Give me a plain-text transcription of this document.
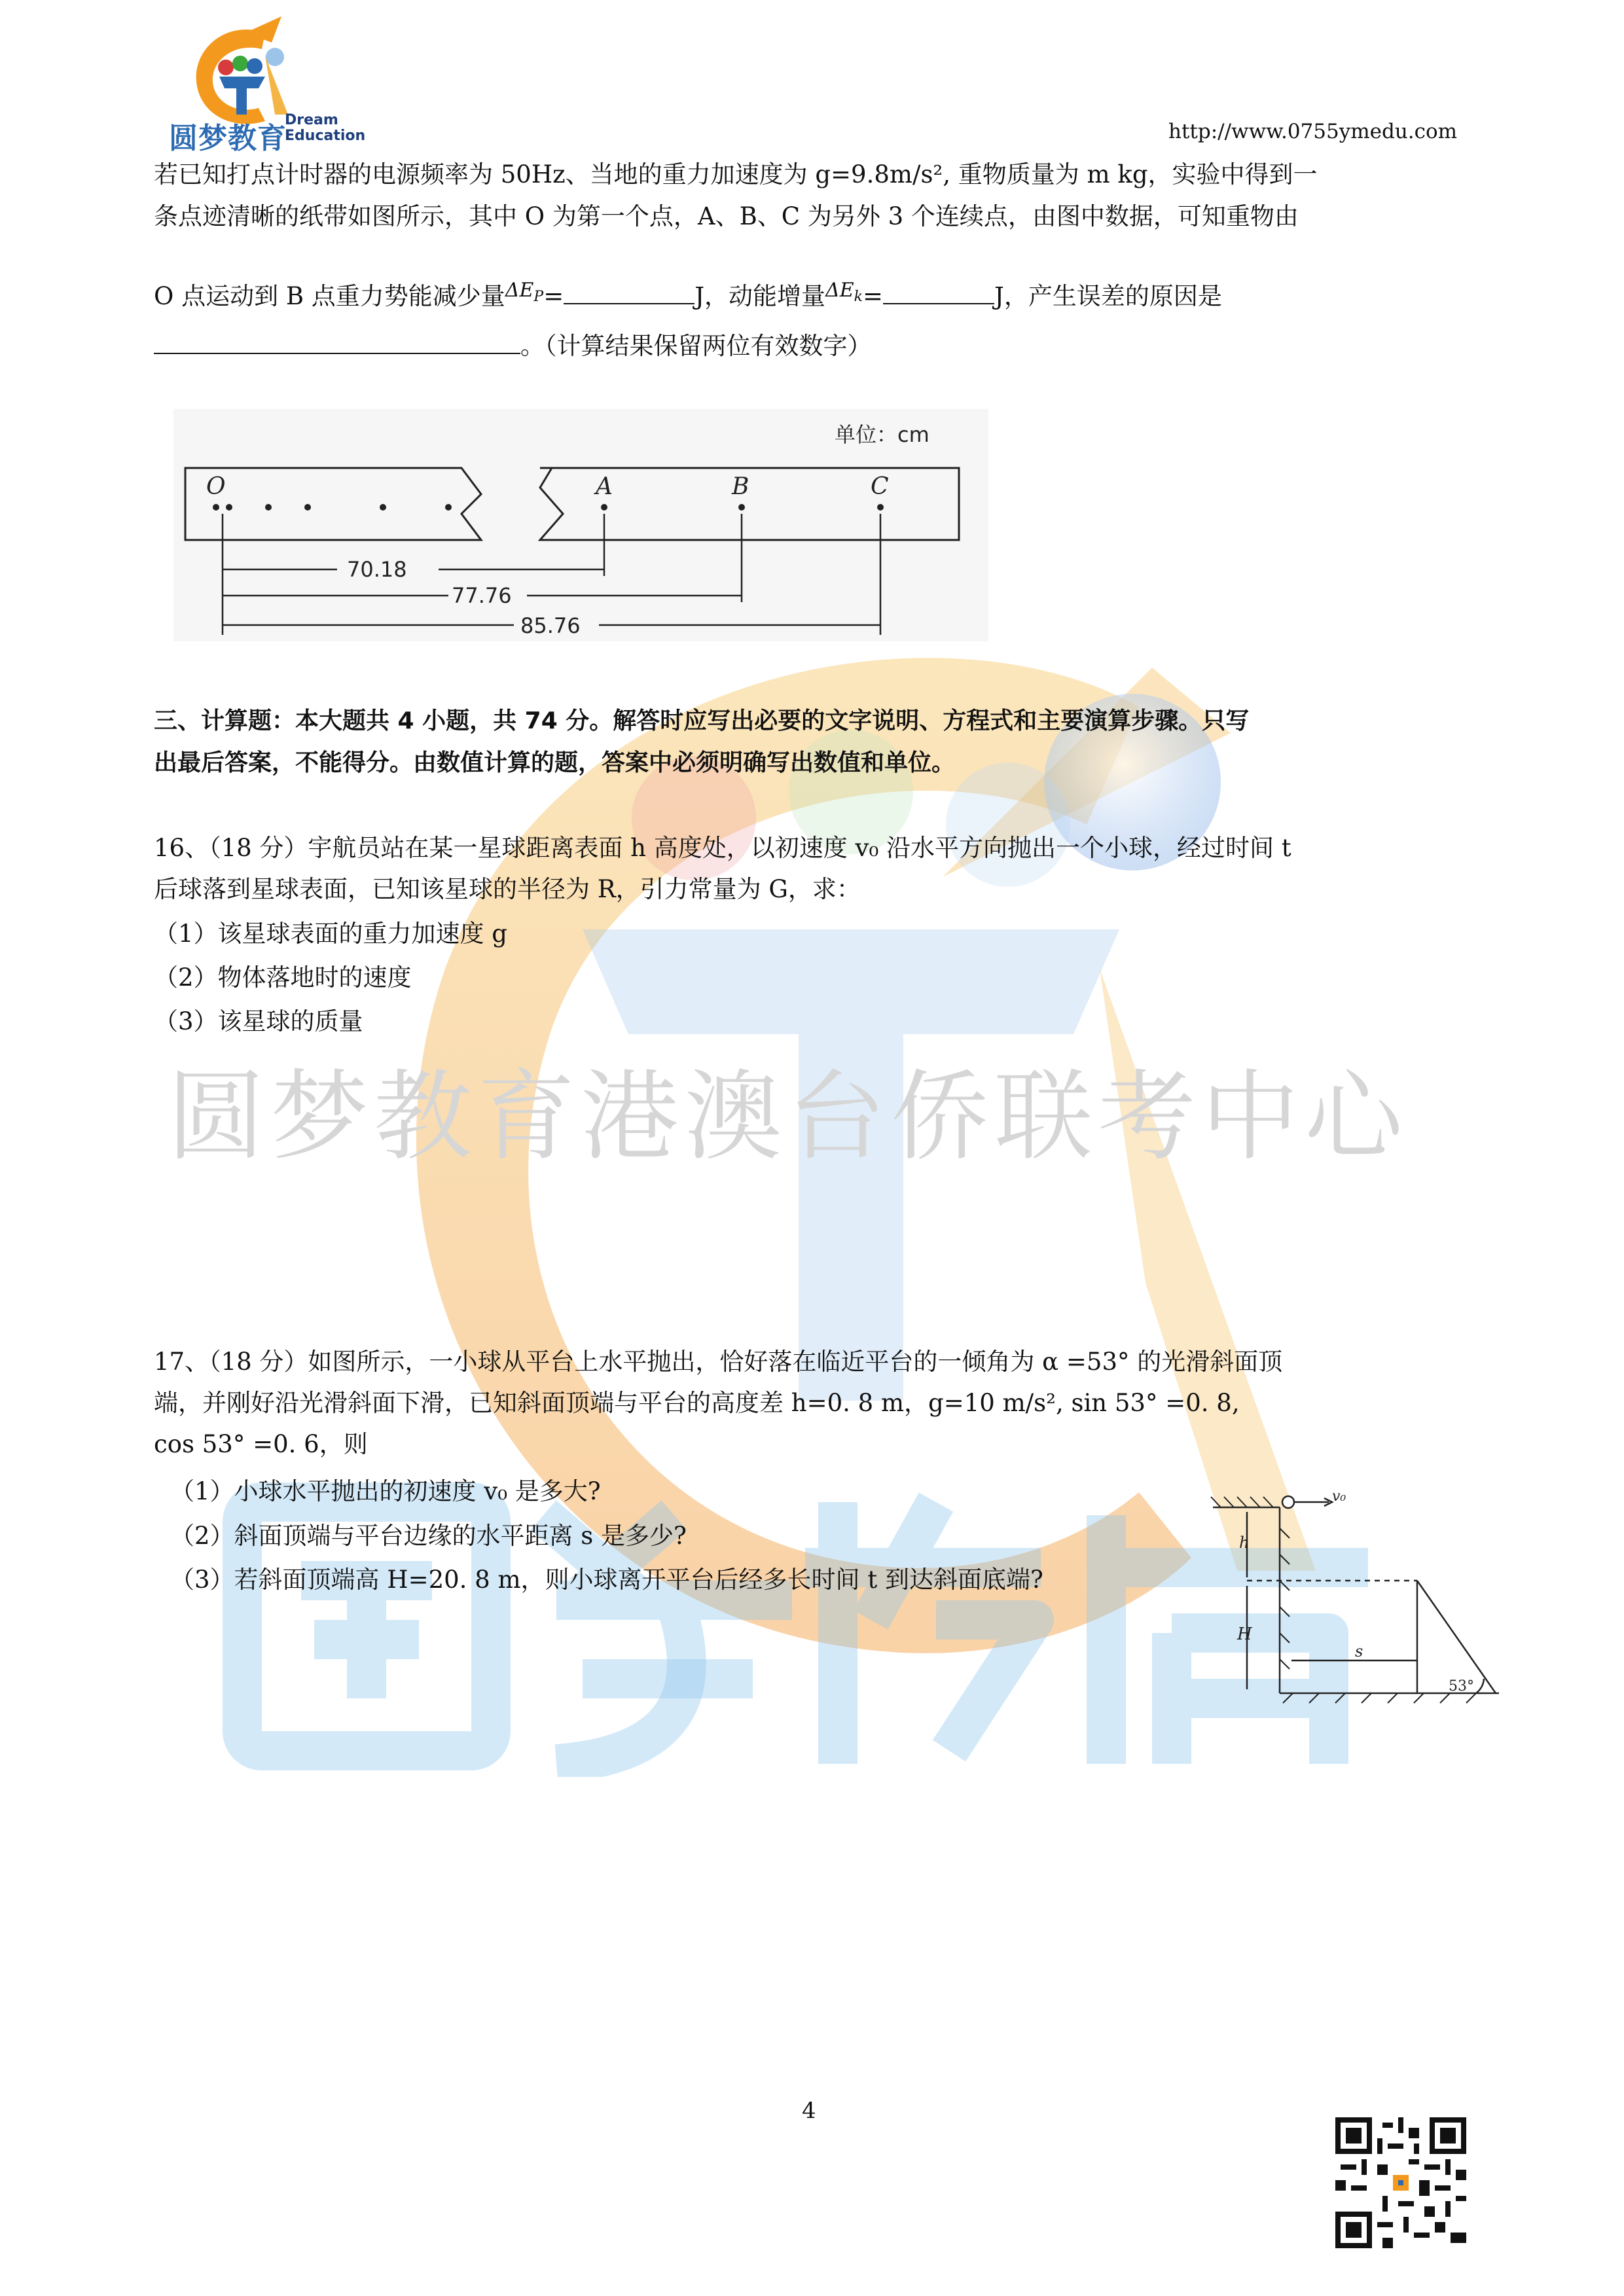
圆梦教育港澳台侨联考中心
圆梦教育
Dream
Education	http://www.0755ymedu.com
若已知打点计时器的电源频率为 50Hz、当地的重力加速度为 g=9.8m/s², 重物质量为 m kg，实验中得到一
条点迹清晰的纸带如图所示，其中 O 为第一个点，A、B、C 为另外 3 个连续点，由图中数据，可知重物由
O 点运动到 B 点重力势能减少量$^{\Delta E_P}$=	J，动能增量$^{\Delta E_k}$=	J，产生误差的原因是
。（计算结果保留两位有效数字）
单位：cm
O	A	B	C
70.18
77.76
85.76
三、计算题：本大题共 4 小题，共 74 分。解答时应写出必要的文字说明、方程式和主要演算步骤。只写
出最后答案，不能得分。由数值计算的题，答案中必须明确写出数值和单位。
16、（18 分）宇航员站在某一星球距离表面 h 高度处，以初速度 v₀ 沿水平方向抛出一个小球，经过时间 t
后球落到星球表面，已知该星球的半径为 R，引力常量为 G，求：
（1）该星球表面的重力加速度 g
（2）物体落地时的速度
（3）该星球的质量
17、（18 分）如图所示，一小球从平台上水平抛出，恰好落在临近平台的一倾角为 α =53° 的光滑斜面顶
端，并刚好沿光滑斜面下滑，已知斜面顶端与平台的高度差 h=0. 8 m，g=10 m/s², sin 53° =0. 8,
cos 53° =0. 6，则
（1）小球水平抛出的初速度 v₀ 是多大?
（2）斜面顶端与平台边缘的水平距离 s 是多少?
（3）若斜面顶端高 H=20. 8 m，则小球离开平台后经多长时间 t 到达斜面底端?
v₀
h
H
s
53°
4
